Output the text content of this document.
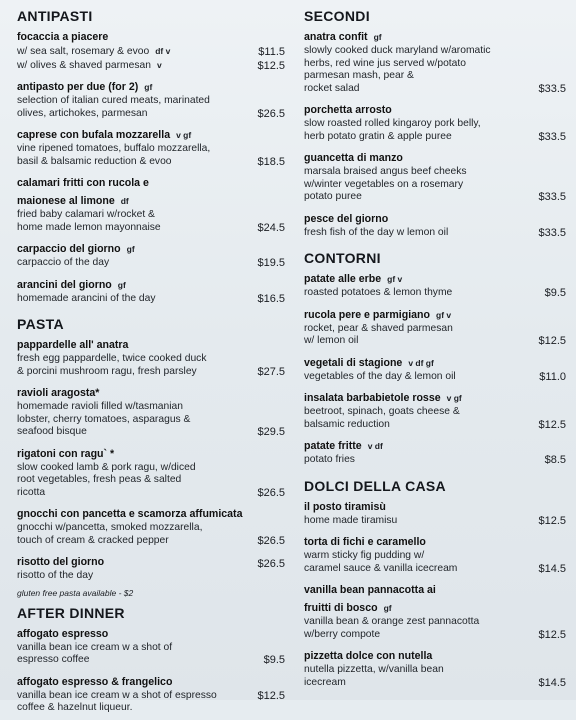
ANTIPASTI
focaccia a piacere
w/ sea salt, rosemary & evoo df v	$11.5
w/ olives & shaved parmesan v	$12.5
antipasto per due (for 2) gf
selection of italian cured meats, marinated
olives, artichokes, parmesan	$26.5
caprese con bufala mozzarella v gf
vine ripened tomatoes, buffalo mozzarella,
basil & balsamic reduction & evoo	$18.5
calamari fritti con rucola e
maionese al limone df
fried baby calamari w/rocket &
home made lemon mayonnaise	$24.5
carpaccio del giorno gf
carpaccio of the day	$19.5
arancini del giorno gf
homemade arancini of the day	$16.5
PASTA
pappardelle all' anatra
fresh egg pappardelle, twice cooked duck
& porcini mushroom ragu, fresh parsley	$27.5
ravioli aragosta*
homemade ravioli filled w/tasmanian
lobster, cherry tomatoes, asparagus &
seafood bisque	$29.5
rigatoni con ragu` *
slow cooked lamb & pork ragu, w/diced
root vegetables, fresh peas & salted
ricotta	$26.5
gnocchi con pancetta e scamorza affumicata
gnocchi w/pancetta, smoked mozzarella,
touch of cream & cracked pepper	$26.5
risotto del giorno	$26.5
risotto of the day
gluten free pasta available - $2
AFTER DINNER
affogato espresso
vanilla bean ice cream w a shot of
espresso coffee	$9.5
affogato espresso & frangelico
vanilla bean ice cream w a shot of espresso	$12.5
coffee & hazelnut liqueur.
SECONDI
anatra confit gf
slowly cooked duck maryland w/aromatic
herbs, red wine jus served w/potato
parmesan mash, pear &
rocket salad	$33.5
porchetta arrosto
slow roasted rolled kingaroy pork belly,
herb potato gratin & apple puree	$33.5
guancetta di manzo
marsala braised angus beef cheeks
w/winter vegetables on a rosemary
potato puree	$33.5
pesce del giorno
fresh fish of the day w lemon oil	$33.5
CONTORNI
patate alle erbe gf v
roasted potatoes & lemon thyme	$9.5
rucola pere e parmigiano gf v
rocket, pear & shaved parmesan
w/ lemon oil	$12.5
vegetali di stagione v df gf
vegetables of the day & lemon oil	$11.0
insalata barbabietole rosse v gf
beetroot, spinach, goats cheese &
balsamic reduction	$12.5
patate fritte v df
potato fries	$8.5
DOLCI DELLA CASA
il posto tiramisù
home made tiramisu	$12.5
torta di fichi e caramello
warm sticky fig pudding w/
caramel sauce & vanilla icecream	$14.5
vanilla bean pannacotta ai
fruitti di bosco gf
vanilla bean & orange zest pannacotta
w/berry compote	$12.5
pizzetta dolce con nutella
nutella pizzetta, w/vanilla bean
icecream	$14.5
